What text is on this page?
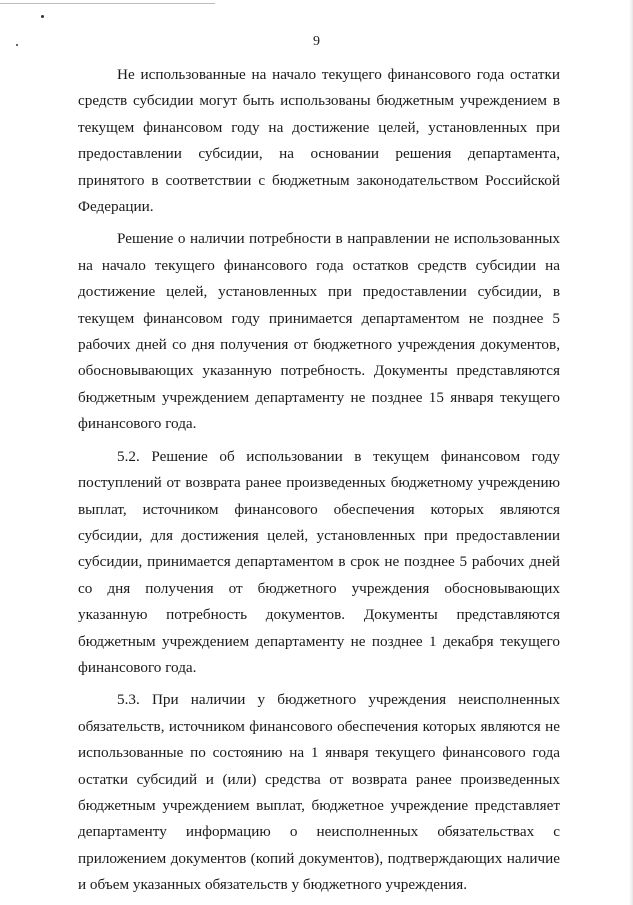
9

Не использованные на начало текущего финансового года остатки средств субсидии могут быть использованы бюджетным учреждением в текущем финансовом году на достижение целей, установленных при предоставлении субсидии, на основании решения департамента, принятого в соответствии с бюджетным законодательством Российской Федерации.

Решение о наличии потребности в направлении не использованных на начало текущего финансового года остатков средств субсидии на достижение целей, установленных при предоставлении субсидии, в текущем финансовом году принимается департаментом не позднее 5 рабочих дней со дня получения от бюджетного учреждения документов, обосновывающих указанную потребность. Документы представляются бюджетным учреждением департаменту не позднее 15 января текущего финансового года.

5.2. Решение об использовании в текущем финансовом году поступлений от возврата ранее произведенных бюджетному учреждению выплат, источником финансового обеспечения которых являются субсидии, для достижения целей, установленных при предоставлении субсидии, принимается департаментом в срок не позднее 5 рабочих дней со дня получения от бюджетного учреждения обосновывающих указанную потребность документов. Документы представляются бюджетным учреждением департаменту не позднее 1 декабря текущего финансового года.

5.3. При наличии у бюджетного учреждения неисполненных обязательств, источником финансового обеспечения которых являются не использованные по состоянию на 1 января текущего финансового года остатки субсидий и (или) средства от возврата ранее произведенных бюджетным учреждением выплат, бюджетное учреждение представляет департаменту информацию о неисполненных обязательствах с приложением документов (копий документов), подтверждающих наличие и объем указанных обязательств у бюджетного учреждения.
